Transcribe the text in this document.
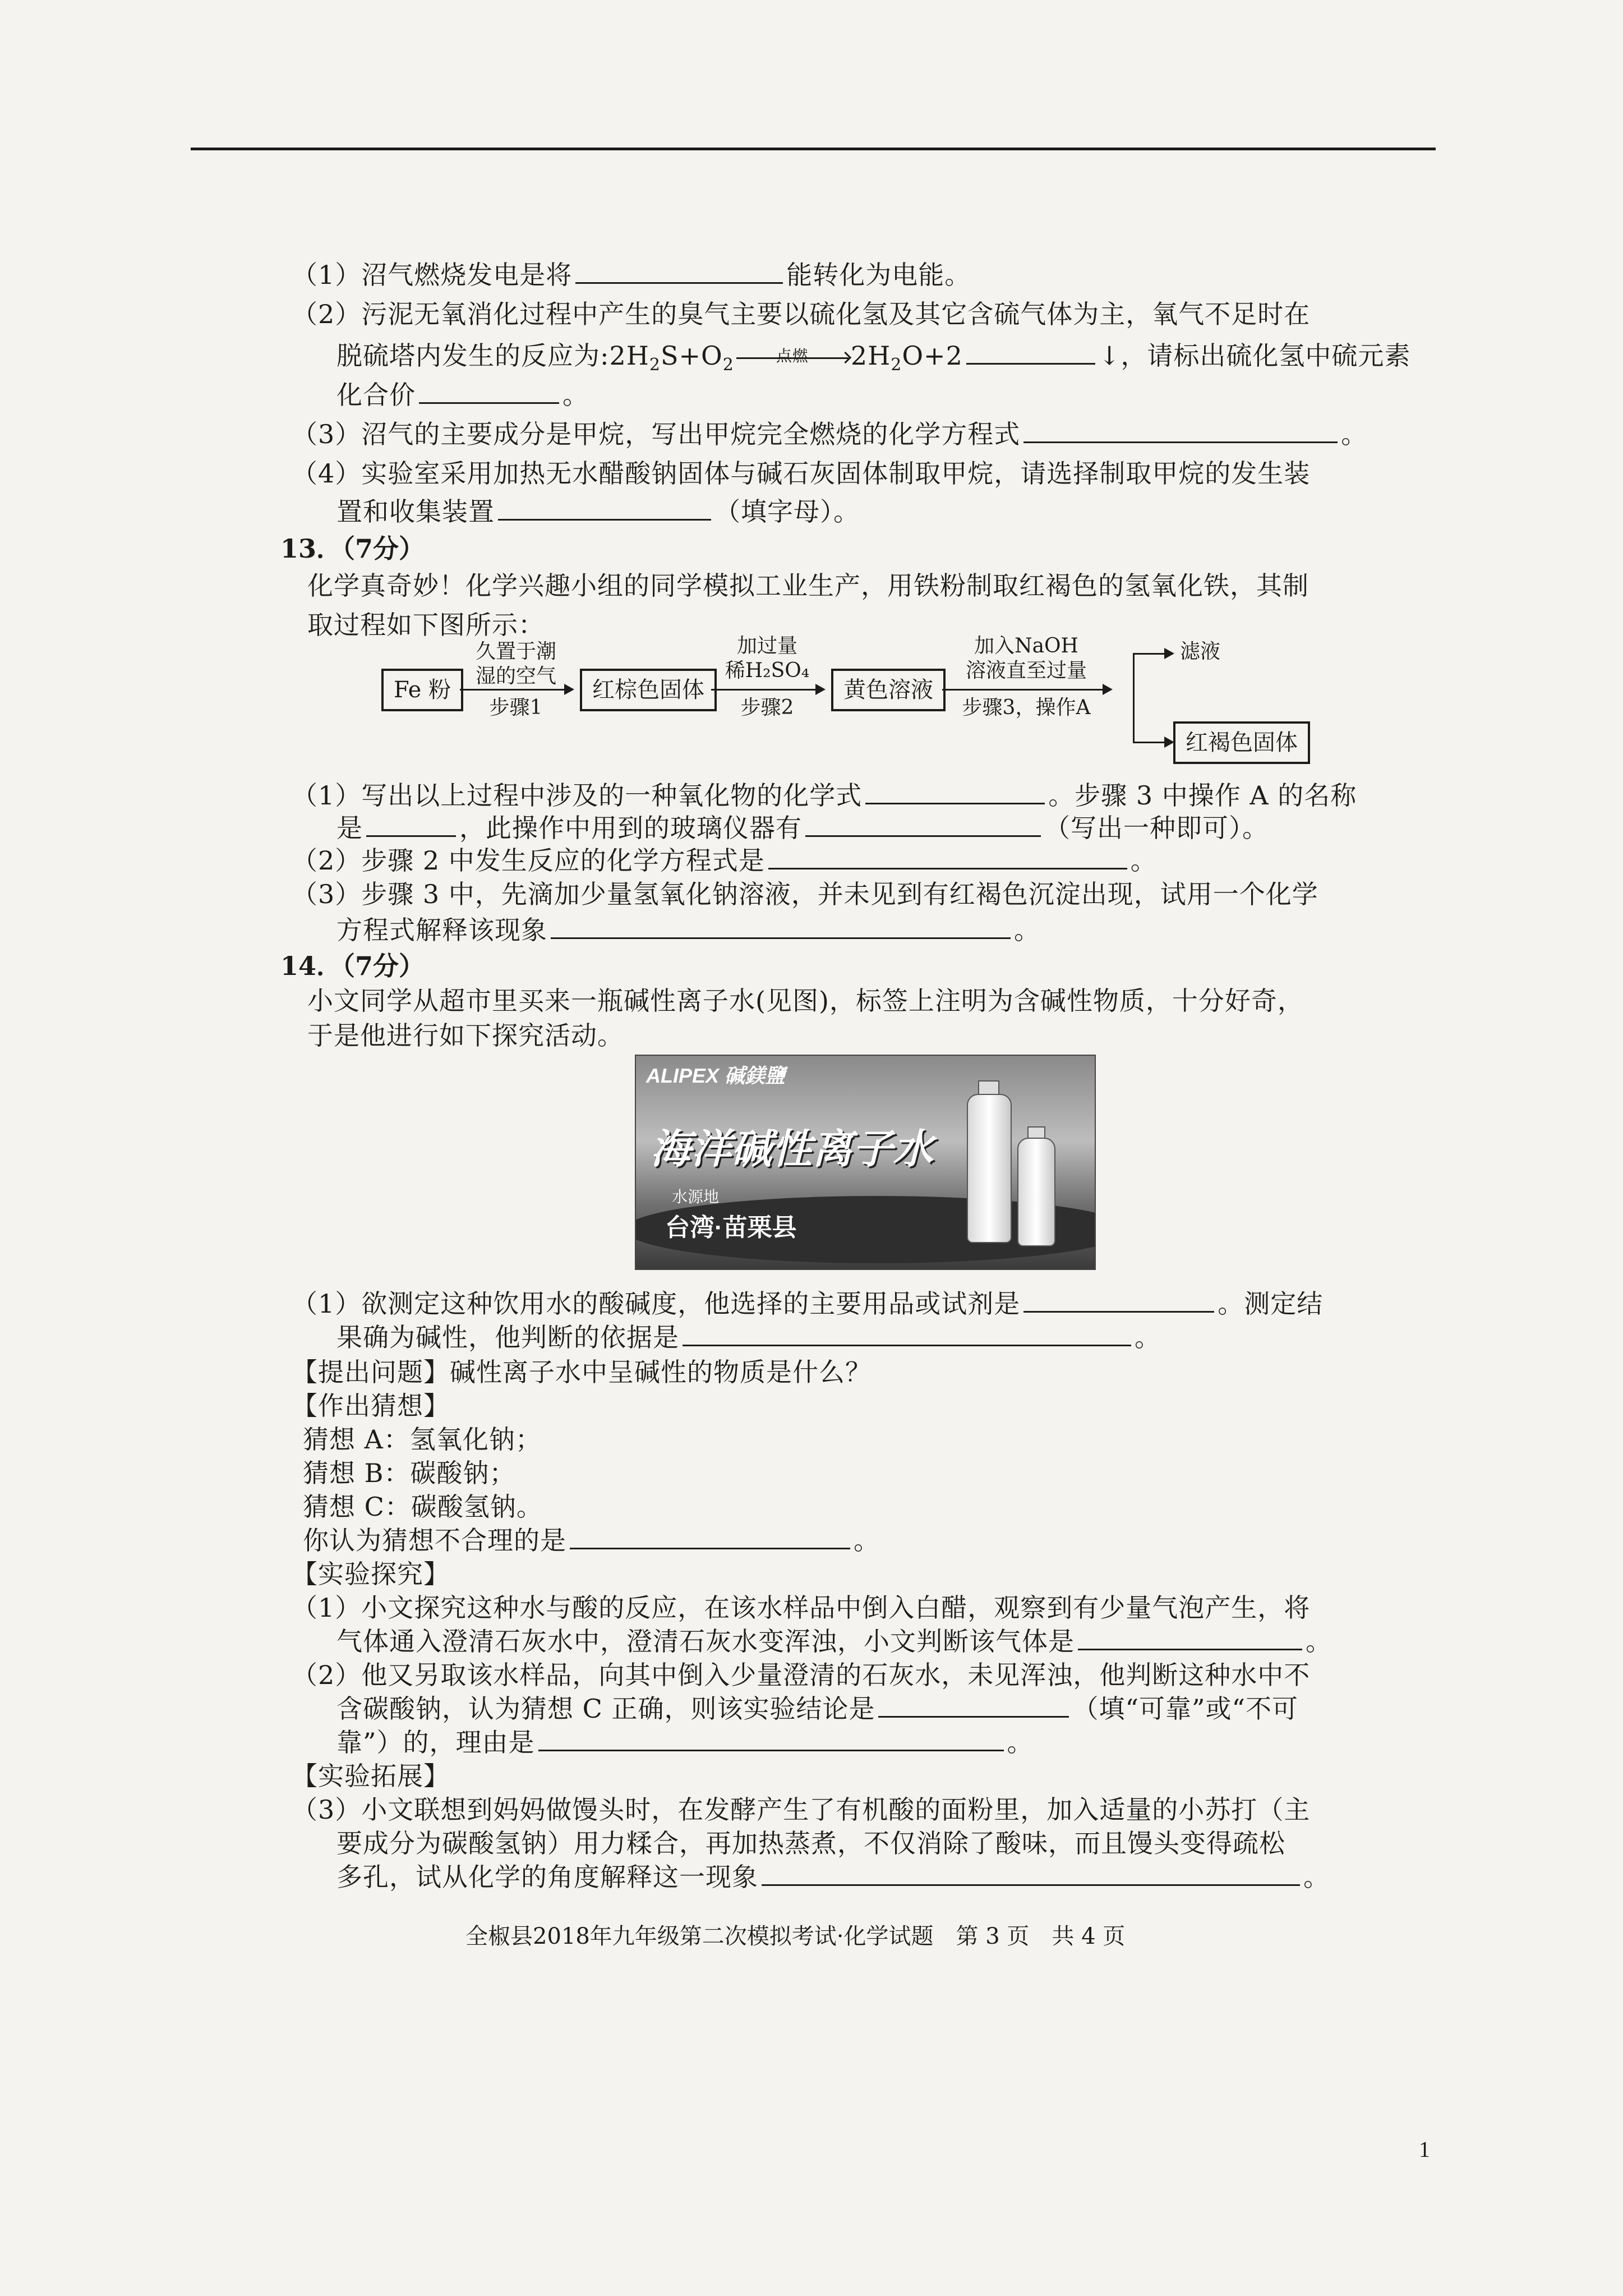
（1）沼气燃烧发电是将	能转化为电能。
（2）污泥无氧消化过程中产生的臭气主要以硫化氢及其它含硫气体为主，氧气不足时在
脱硫塔内发生的反应为$:2H_2S+O_2$	点燃	$2H_2O+2$	↓，请标出硫化氢中硫元素
化合价	。
（3）沼气的主要成分是甲烷，写出甲烷完全燃烧的化学方程式	。
（4）实验室采用加热无水醋酸钠固体与碱石灰固体制取甲烷，请选择制取甲烷的发生装
置和收集装置	（填字母）。
13．（7分）
化学真奇妙！化学兴趣小组的同学模拟工业生产，用铁粉制取红褐色的氢氧化铁，其制
取过程如下图所示：
Fe 粉
久置于潮
湿的空气
步骤1
红棕色固体
加过量
稀H₂SO₄
步骤2
黄色溶液
加入NaOH
溶液直至过量
步骤3，操作A
滤液
红褐色固体
（1）写出以上过程中涉及的一种氧化物的化学式	。步骤 3 中操作 A 的名称
是	，此操作中用到的玻璃仪器有	（写出一种即可）。
（2）步骤 2 中发生反应的化学方程式是	。
（3）步骤 3 中，先滴加少量氢氧化钠溶液，并未见到有红褐色沉淀出现，试用一个化学
方程式解释该现象	。
14．（7分）
小文同学从超市里买来一瓶碱性离子水(见图)，标签上注明为含碱性物质，十分好奇，
于是他进行如下探究活动。
ALIPEX 碱鎂鹽
海洋碱性离子水
水源地
台湾·苗栗县
（1）欲测定这种饮用水的酸碱度，他选择的主要用品或试剂是	。测定结
果确为碱性，他判断的依据是	。
【提出问题】碱性离子水中呈碱性的物质是什么？
【作出猜想】
猜想 A：氢氧化钠；
猜想 B：碳酸钠；
猜想 C：碳酸氢钠。
你认为猜想不合理的是	。
【实验探究】
（1）小文探究这种水与酸的反应，在该水样品中倒入白醋，观察到有少量气泡产生，将
气体通入澄清石灰水中，澄清石灰水变浑浊，小文判断该气体是	。
（2）他又另取该水样品，向其中倒入少量澄清的石灰水，未见浑浊，他判断这种水中不
含碳酸钠，认为猜想 C 正确，则该实验结论是	（填“可靠”或“不可
靠”）的，理由是	。
【实验拓展】
（3）小文联想到妈妈做馒头时，在发酵产生了有机酸的面粉里，加入适量的小苏打（主
要成分为碳酸氢钠）用力糅合，再加热蒸煮，不仅消除了酸味，而且馒头变得疏松
多孔，试从化学的角度解释这一现象	。
全椒县2018年九年级第二次模拟考试·化学试题　第 3 页　共 4 页
1
